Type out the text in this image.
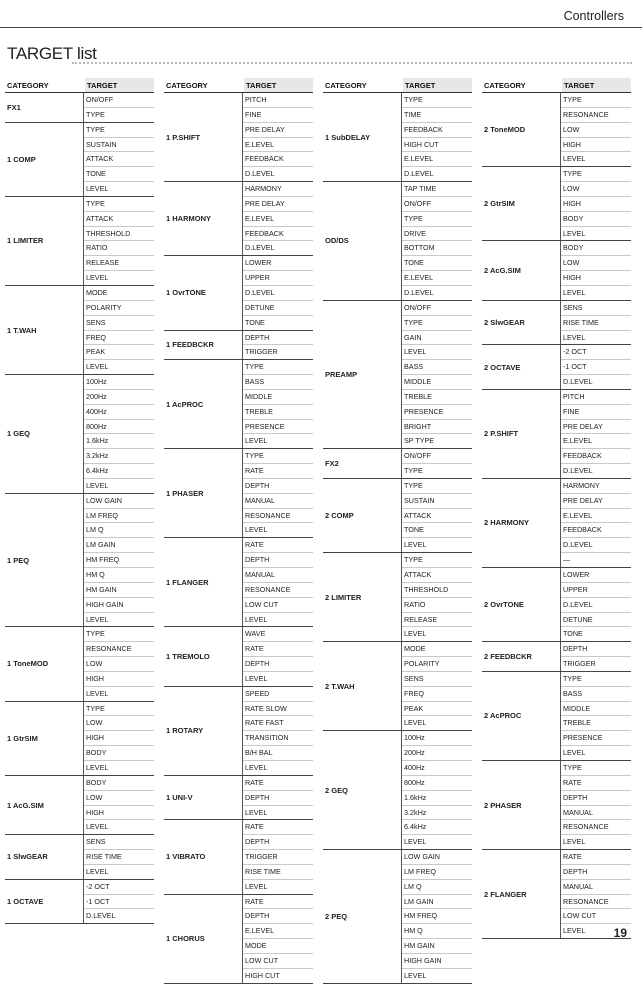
Controllers
TARGET list
CATEGORY	TARGET
FX1
ON/OFF
TYPE
1 COMP
TYPE
SUSTAIN
ATTACK
TONE
LEVEL
1 LIMITER
TYPE
ATTACK
THRESHOLD
RATIO
RELEASE
LEVEL
1 T.WAH
MODE
POLARITY
SENS
FREQ
PEAK
LEVEL
1 GEQ
100Hz
200Hz
400Hz
800Hz
1.6kHz
3.2kHz
6.4kHz
LEVEL
1 PEQ
LOW GAIN
LM FREQ
LM Q
LM GAIN
HM FREQ
HM Q
HM GAIN
HIGH GAIN
LEVEL
1 ToneMOD
TYPE
RESONANCE
LOW
HIGH
LEVEL
1 GtrSIM
TYPE
LOW
HIGH
BODY
LEVEL
1 AcG.SIM
BODY
LOW
HIGH
LEVEL
1 SlwGEAR
SENS
RISE TIME
LEVEL
1 OCTAVE
-2 OCT
-1 OCT
D.LEVEL
CATEGORY	TARGET
1 P.SHIFT
PITCH
FINE
PRE DELAY
E.LEVEL
FEEDBACK
D.LEVEL
1 HARMONY
HARMONY
PRE DELAY
E.LEVEL
FEEDBACK
D.LEVEL
1 OvrTONE
LOWER
UPPER
D.LEVEL
DETUNE
TONE
1 FEEDBCKR
DEPTH
TRIGGER
1 AcPROC
TYPE
BASS
MIDDLE
TREBLE
PRESENCE
LEVEL
1 PHASER
TYPE
RATE
DEPTH
MANUAL
RESONANCE
LEVEL
1 FLANGER
RATE
DEPTH
MANUAL
RESONANCE
LOW CUT
LEVEL
1 TREMOLO
WAVE
RATE
DEPTH
LEVEL
1 ROTARY
SPEED
RATE SLOW
RATE FAST
TRANSITION
B/H BAL
LEVEL
1 UNI-V
RATE
DEPTH
LEVEL
1 VIBRATO
RATE
DEPTH
TRIGGER
RISE TIME
LEVEL
1 CHORUS
RATE
DEPTH
E.LEVEL
MODE
LOW CUT
HIGH CUT
CATEGORY	TARGET
1 SubDELAY
TYPE
TIME
FEEDBACK
HIGH CUT
E.LEVEL
D.LEVEL
OD/DS
TAP TIME
ON/OFF
TYPE
DRIVE
BOTTOM
TONE
E.LEVEL
D.LEVEL
PREAMP
ON/OFF
TYPE
GAIN
LEVEL
BASS
MIDDLE
TREBLE
PRESENCE
BRIGHT
SP TYPE
FX2
ON/OFF
TYPE
2 COMP
TYPE
SUSTAIN
ATTACK
TONE
LEVEL
2 LIMITER
TYPE
ATTACK
THRESHOLD
RATIO
RELEASE
LEVEL
2 T.WAH
MODE
POLARITY
SENS
FREQ
PEAK
LEVEL
2 GEQ
100Hz
200Hz
400Hz
800Hz
1.6kHz
3.2kHz
6.4kHz
LEVEL
2 PEQ
LOW GAIN
LM FREQ
LM Q
LM GAIN
HM FREQ
HM Q
HM GAIN
HIGH GAIN
LEVEL
CATEGORY	TARGET
2 ToneMOD
TYPE
RESONANCE
LOW
HIGH
LEVEL
2 GtrSIM
TYPE
LOW
HIGH
BODY
LEVEL
2 AcG.SIM
BODY
LOW
HIGH
LEVEL
2 SlwGEAR
SENS
RISE TIME
LEVEL
2 OCTAVE
-2 OCT
-1 OCT
D.LEVEL
2 P.SHIFT
PITCH
FINE
PRE DELAY
E.LEVEL
FEEDBACK
D.LEVEL
2 HARMONY
HARMONY
PRE DELAY
E.LEVEL
FEEDBACK
D.LEVEL
—
2 OvrTONE
LOWER
UPPER
D.LEVEL
DETUNE
TONE
2 FEEDBCKR
DEPTH
TRIGGER
2 AcPROC
TYPE
BASS
MIDDLE
TREBLE
PRESENCE
LEVEL
2 PHASER
TYPE
RATE
DEPTH
MANUAL
RESONANCE
LEVEL
2 FLANGER
RATE
DEPTH
MANUAL
RESONANCE
LOW CUT
LEVEL	19
